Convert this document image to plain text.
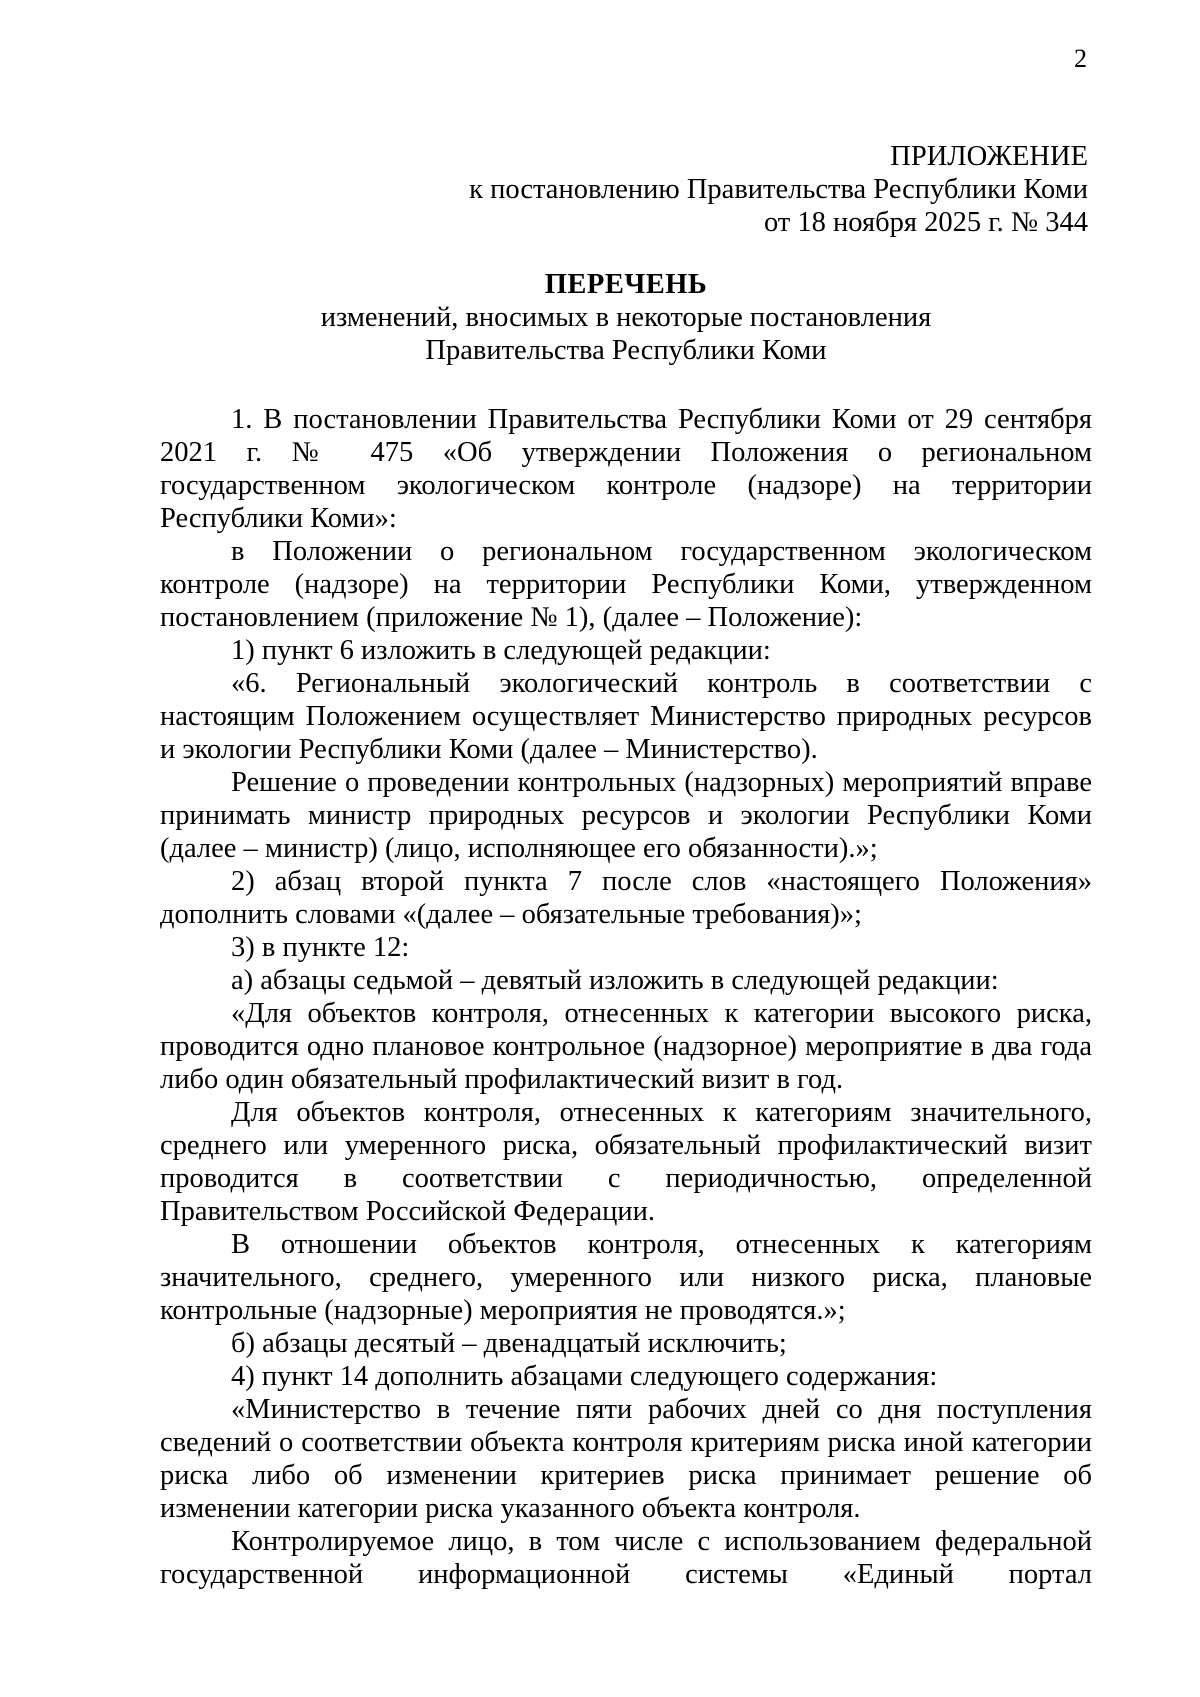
2
ПРИЛОЖЕНИЕ
к постановлению Правительства Республики Коми
от 18 ноября 2025 г. № 344
ПЕРЕЧЕНЬ
изменений, вносимых в некоторые постановления
Правительства Республики Коми

1. В постановлении Правительства Республики Коми от 29 сентября 2021 г. № 475 «Об утверждении Положения о региональном государственном экологическом контроле (надзоре) на территории Республики Коми»:

в Положении о региональном государственном экологическом контроле (надзоре) на территории Республики Коми, утвержденном постановлением (приложение № 1), (далее – Положение):

1) пункт 6 изложить в следующей редакции:

«6. Региональный экологический контроль в соответствии с настоящим Положением осуществляет Министерство природных ресурсов и экологии Республики Коми (далее – Министерство).

Решение о проведении контрольных (надзорных) мероприятий вправе принимать министр природных ресурсов и экологии Республики Коми (далее – министр) (лицо, исполняющее его обязанности).»;

2) абзац второй пункта 7 после слов «настоящего Положения» дополнить словами «(далее – обязательные требования)»;

3) в пункте 12:

а) абзацы седьмой – девятый изложить в следующей редакции:

«Для объектов контроля, отнесенных к категории высокого риска, проводится одно плановое контрольное (надзорное) мероприятие в два года либо один обязательный профилактический визит в год.

Для объектов контроля, отнесенных к категориям значительного, среднего или умеренного риска, обязательный профилактический визит проводится в соответствии с периодичностью, определенной Правительством Российской Федерации.

В отношении объектов контроля, отнесенных к категориям значительного, среднего, умеренного или низкого риска, плановые контрольные (надзорные) мероприятия не проводятся.»;

б) абзацы десятый – двенадцатый исключить;

4) пункт 14 дополнить абзацами следующего содержания:

«Министерство в течение пяти рабочих дней со дня поступления сведений о соответствии объекта контроля критериям риска иной категории риска либо об изменении критериев риска принимает решение об изменении категории риска указанного объекта контроля.

Контролируемое лицо, в том числе с использованием федеральной государственной информационной системы «Единый портал
